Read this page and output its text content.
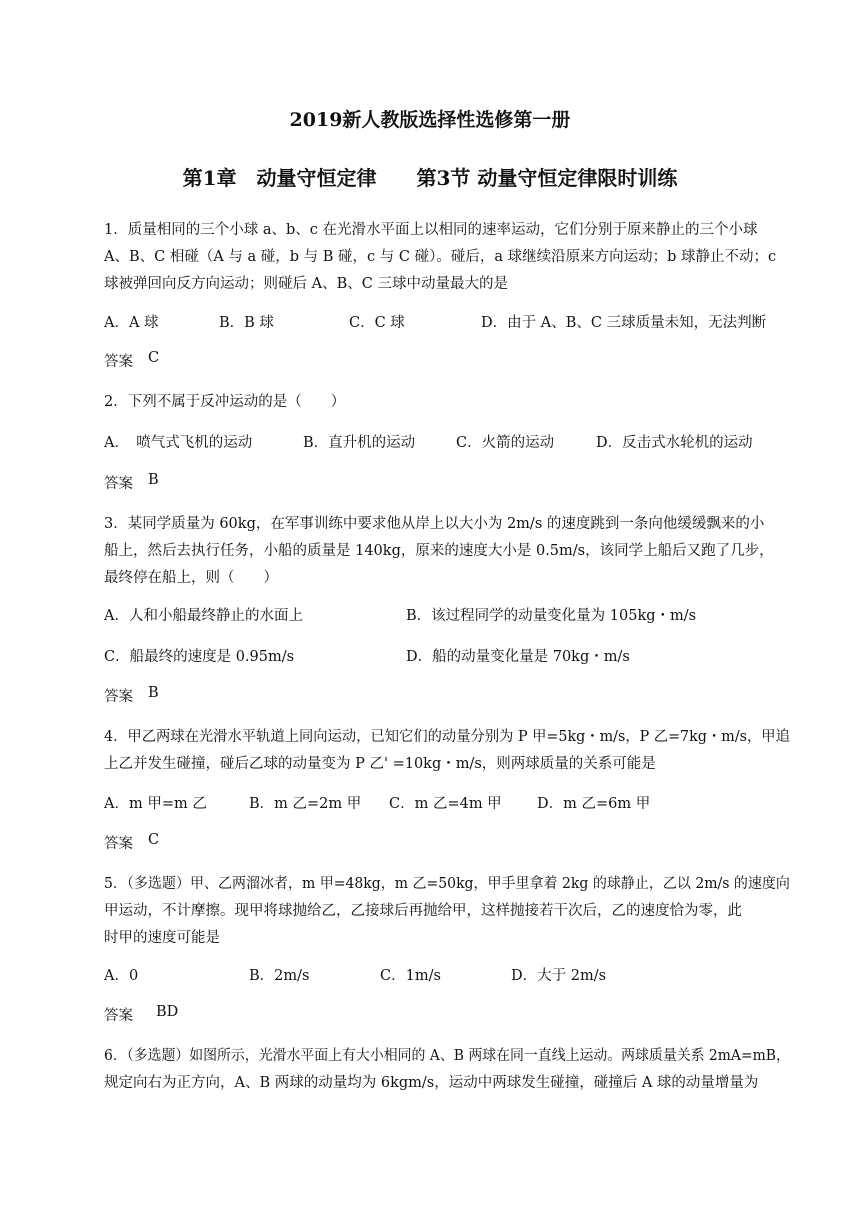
2019新人教版选择性选修第一册
第1章　动量守恒定律　　第3节 动量守恒定律限时训练
1．质量相同的三个小球 a、b、c 在光滑水平面上以相同的速率运动，它们分别于原来静止的三个小球
A、B、C 相碰（A 与 a 碰，b 与 B 碰，c 与 C 碰）。碰后，a 球继续沿原来方向运动；b 球静止不动；c
球被弹回向反方向运动；则碰后 A、B、C 三球中动量最大的是
A．A 球	B．B 球	C．C 球	D．由于 A、B、C 三球质量未知，无法判断
答案 C
2．下列不属于反冲运动的是（　　）
A．　喷气式飞机的运动	B．直升机的运动	C．火箭的运动	D．反击式水轮机的运动
答案 B
3．某同学质量为 60kg，在军事训练中要求他从岸上以大小为 2m/s 的速度跳到一条向他缓缓飘来的小
船上，然后去执行任务，小船的质量是 140kg，原来的速度大小是 0.5m/s，该同学上船后又跑了几步，
最终停在船上，则（　　）
A．人和小船最终静止的水面上	B．该过程同学的动量变化量为 105kg・m/s
C．船最终的速度是 0.95m/s	D．船的动量变化量是 70kg・m/s
答案 B
4．甲乙两球在光滑水平轨道上同向运动，已知它们的动量分别为 P 甲=5kg・m/s，P 乙=7kg・m/s，甲追
上乙并发生碰撞，碰后乙球的动量变为 P 乙' =10kg・m/s，则两球质量的关系可能是
A．m 甲=m 乙	B．m 乙=2m 甲 C．m 乙=4m 甲 D．m 乙=6m 甲
答案 C
5．（多选题）甲、乙两溜冰者，m 甲=48kg，m 乙=50kg，甲手里拿着 2kg 的球静止，乙以 2m/s 的速度向
甲运动，不计摩擦。现甲将球抛给乙，乙接球后再抛给甲，这样抛接若干次后，乙的速度恰为零，此
时甲的速度可能是
A．0	B．2m/s	C．1m/s	D．大于 2m/s
答案 BD
6．（多选题）如图所示，光滑水平面上有大小相同的 A、B 两球在同一直线上运动。两球质量关系 2mA=mB，
规定向右为正方向，A、B 两球的动量均为 6kgm/s，运动中两球发生碰撞，碰撞后 A 球的动量增量为
